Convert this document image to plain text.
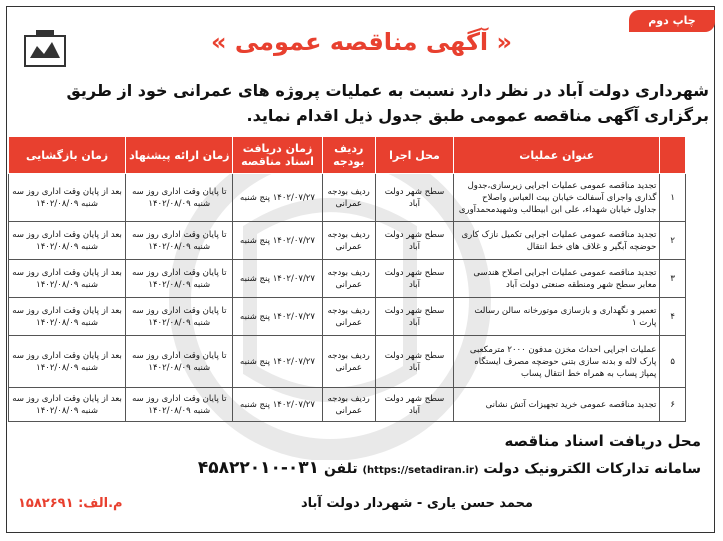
چاپ دوم
« آگهی مناقصه عمومی »
شهرداری دولت آباد در نظر دارد نسبت به عملیات پروژه های عمرانی خود از طریق برگزاری آگهی مناقصه عمومی طبق جدول ذیل اقدام نماید.
	عنوان عملیات	محل اجرا	ردیف بودجه	زمان دریافت اسناد مناقصه	زمان ارائه پیشنهاد	زمان بازگشایی
۱	تجدید مناقصه عمومی عملیات اجرایی زیرسازی،جدول گذاری واجرای آسفالت خیابان بیت العباس واصلاح جداول خیابان شهداء، علی ابن ابیطالب وشهیدمحمدآوری	سطح شهر دولت آباد	ردیف بودجه عمرانی	۱۴۰۲/۰۷/۲۷ پنج شنبه	تا پایان وقت اداری روز سه شنبه ۱۴۰۲/۰۸/۰۹	بعد از پایان وقت اداری روز سه شنبه ۱۴۰۲/۰۸/۰۹
۲	تجدید مناقصه عمومی عملیات اجرایی تکمیل نازک کاری حوضچه آبگیر و غلاف های خط انتقال	سطح شهر دولت آباد	ردیف بودجه عمرانی	۱۴۰۲/۰۷/۲۷ پنج شنبه	تا پایان وقت اداری روز سه شنبه ۱۴۰۲/۰۸/۰۹	بعد از پایان وقت اداری روز سه شنبه ۱۴۰۲/۰۸/۰۹
۳	تجدید مناقصه عمومی عملیات اجرایی اصلاح هندسی معابر سطح شهر ومنطقه صنعتی دولت آباد	سطح شهر دولت آباد	ردیف بودجه عمرانی	۱۴۰۲/۰۷/۲۷ پنج شنبه	تا پایان وقت اداری روز سه شنبه ۱۴۰۲/۰۸/۰۹	بعد از پایان وقت اداری روز سه شنبه ۱۴۰۲/۰۸/۰۹
۴	تعمیر و نگهداری و بازسازی موتورخانه سالن رسالت پارت ۱	سطح شهر دولت آباد	ردیف بودجه عمرانی	۱۴۰۲/۰۷/۲۷ پنج شنبه	تا پایان وقت اداری روز سه شنبه ۱۴۰۲/۰۸/۰۹	بعد از پایان وقت اداری روز سه شنبه ۱۴۰۲/۰۸/۰۹
۵	عملیات اجرایی احداث مخزن مدفون ۲۰۰۰ مترمکعبی پارک لاله و بدنه سازی بتنی حوضچه مصرف ایستگاه پمپاژ پساب به همراه خط انتقال پساب	سطح شهر دولت آباد	ردیف بودجه عمرانی	۱۴۰۲/۰۷/۲۷ پنج شنبه	تا پایان وقت اداری روز سه شنبه ۱۴۰۲/۰۸/۰۹	بعد از پایان وقت اداری روز سه شنبه ۱۴۰۲/۰۸/۰۹
۶	تجدید مناقصه عمومی خرید تجهیزات آتش نشانی	سطح شهر دولت آباد	ردیف بودجه عمرانی	۱۴۰۲/۰۷/۲۷ پنج شنبه	تا پایان وقت اداری روز سه شنبه ۱۴۰۲/۰۸/۰۹	بعد از پایان وقت اداری روز سه شنبه ۱۴۰۲/۰۸/۰۹
محل دریافت اسناد مناقصه
سامانه تدارکات الکترونیک دولت (https://setadiran.ir) تلفن ۰۳۱-۴۵۸۲۲۰۱۰
محمد حسن یاری - شهردار دولت آباد
م.الف: ۱۵۸۲۶۹۱
